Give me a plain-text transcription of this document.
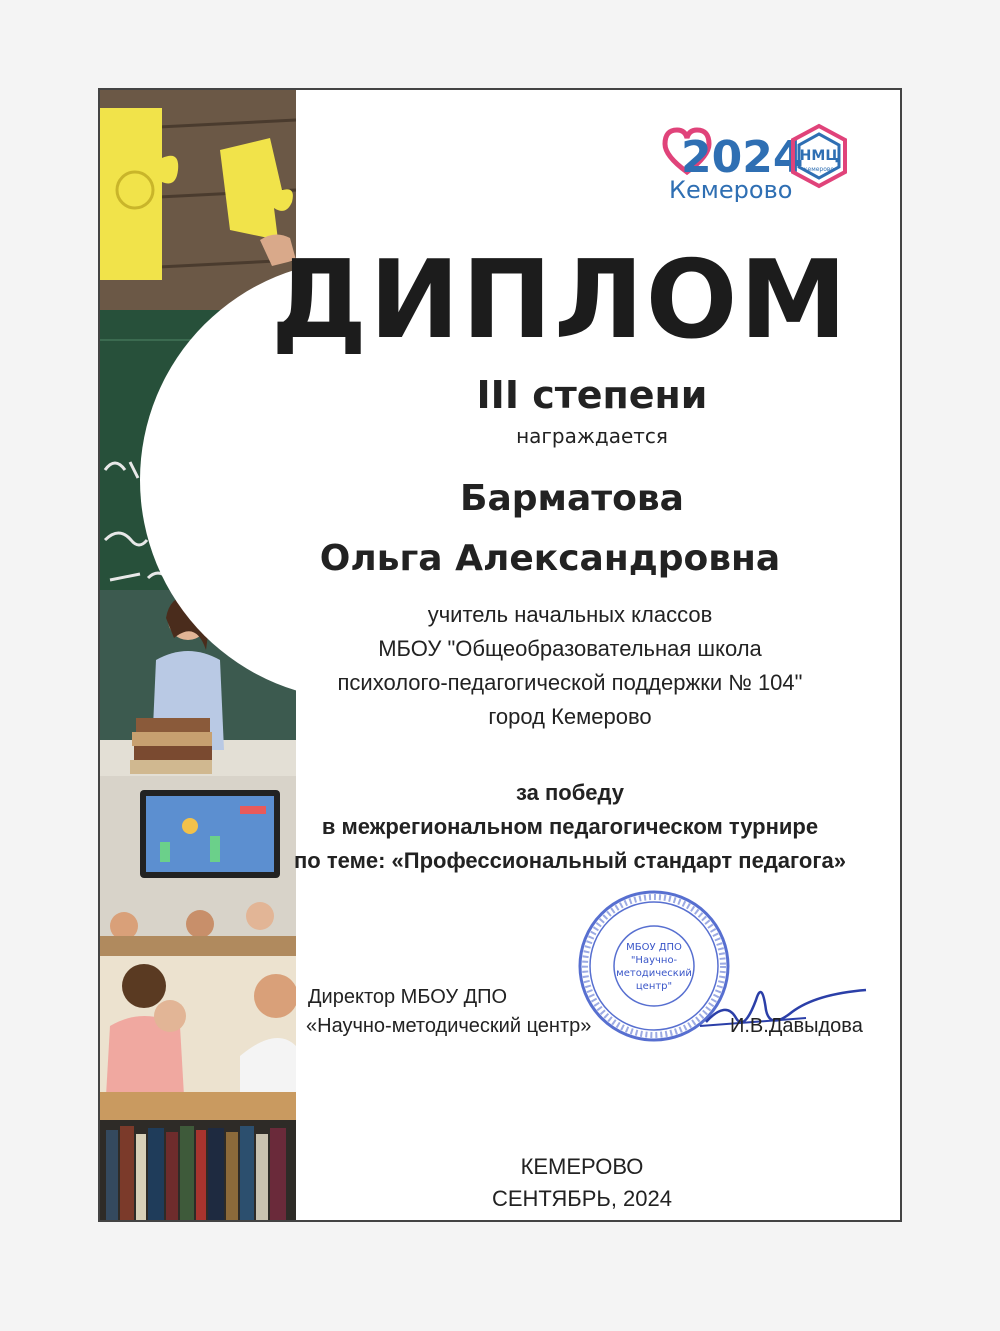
2024
Кемерово
НМЦ
кемерово
ДИПЛОМ
III степени
награждается
Барматова
Ольга Александровна
учитель начальных классов
МБОУ "Общеобразовательная школа
психолого-педагогической поддержки № 104"
город Кемерово
за победу
в межрегиональном педагогическом турнире
по теме: «Профессиональный стандарт педагога»
Директор МБОУ ДПО
«Научно-методический центр»
МБОУ ДПО
"Научно-
методический
центр"
И.В.Давыдова
КЕМЕРОВО
СЕНТЯБРЬ, 2024
